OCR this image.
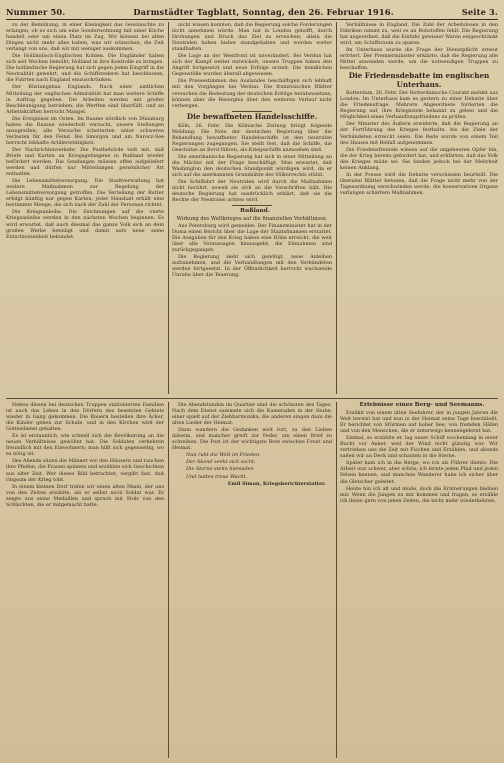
Nummer 50.	Darmstädter Tagblatt, Sonntag, den 26. Februar 1916.	Seite 3.

zu der Bemühung, in einer Kleinigkeit das Gewünschte zu erlangen, ob es sich um eine Sonderwohnung mit einer Küche handelt oder um einen Platz im Zug. Wir können bei allen Dingen nicht mehr alles haben, was wir wünschen; die Zeit verlangt von uns, daß wir mit weniger auskommen.

Die Holländisch-Englischen Kohlen. Die Engländer haben sich seit Wochen bemüht, Holland in ihre Kontrolle zu bringen. Die holländische Regierung hat sich gegen jeden Eingriff in die Neutralität gewehrt, und die Schiffsrederei hat beschlossen, die Fahrten nach England einzuschränken.

Der Rüstungsbau Englands. Nach einer amtlichen Mitteilung der englischen Admiralität hat man weitere Schiffe in Auftrag gegeben. Die Arbeiten werden mit großer Beschleunigung betrieben; die Werften sind überfüllt, und an Arbeitskräften herrscht Mangel.

Die Ereignisse im Osten. Im Raume nördlich von Dünaburg haben die Russen wiederholt versucht, unsere Stellungen anzugreifen; alle Versuche scheiterten unter schweren Verlusten für den Feind. Bei Smorgon und am Narocz-See herrscht lebhafte Artillerietätigkeit.

Der Nachrichtenverkehr. Die Postbehörde teilt mit, daß Briefe und Karten an Kriegsgefangene in Rußland wieder befördert werden. Die Sendungen müssen offen aufgeliefert werden und dürfen nur Mitteilungen persönlicher Art enthalten.

Die Lebensmittelversorgung. Die Stadtverwaltung hat weitere Maßnahmen zur Regelung der Lebensmittelversorgung getroffen. Die Verteilung der Butter erfolgt künftig nur gegen Karten; jeder Haushalt erhält eine bestimmte Menge, die sich nach der Zahl der Personen richtet.

Die Kriegsanleihe. Die Zeichnungen auf die vierte Kriegsanleihe werden in den nächsten Wochen beginnen. Es wird erwartet, daß auch diesmal das ganze Volk sich an dem großen Werke beteiligt und damit aufs neue seine Entschlossenheit bekundet.

nicht wissen konnten, daß die Regierung solche Forderungen nicht annehmen würde. Man hat in London gehofft, durch Drohungen und Druck das Ziel zu erreichen; allein die Neutralen haben bisher standgehalten und werden weiter standhalten.

Die Lage an der Westfront ist unverändert. Bei Verdun hat sich der Kampf weiter entwickelt; unsere Truppen haben den Angriff fortgesetzt und neue Erfolge erzielt. Die feindlichen Gegenstöße wurden überall abgewiesen.

Die Pressestimmen des Auslandes beschäftigen sich lebhaft mit den Vorgängen bei Verdun. Die französischen Blätter versuchen die Bedeutung der deutschen Erfolge herabzusetzen, können aber die Besorgnis über den weiteren Verlauf nicht verbergen.

Die bewaffneten Handelsschiffe.

Köln, 26. Febr. Die Kölnische Zeitung bringt folgende Meldung: Die Note der deutschen Regierung über die Behandlung bewaffneter Handelsschiffe ist den neutralen Regierungen zugegangen. Sie stellt fest, daß die Schiffe, die Geschütze an Bord führen, als Kriegsschiffe anzusehen sind.

Die amerikanische Regierung hat sich in einer Mitteilung an die Mächte mit der Frage beschäftigt. Man erwartet, daß Washington den deutschen Standpunkt würdigen wird, da er sich auf die anerkannten Grundsätze des Völkerrechts stützt.

Die Schiffahrt der Neutralen wird durch die Maßnahmen nicht berührt, soweit sie sich an die Vorschriften hält. Die deutsche Regierung hat ausdrücklich erklärt, daß sie die Rechte der Neutralen achten wird.

Rußland.

Wirkung des Weltkrieges auf die finanziellen Verhältnisse.

Aus Petersburg wird gemeldet: Der Finanzminister hat in der Duma einen Bericht über die Lage der Staatsfinanzen erstattet. Die Ausgaben für den Krieg haben eine Höhe erreicht, die weit über alle Voraussagen hinausgeht; die Einnahmen sind zurückgegangen.

Die Regierung sieht sich genötigt, neue Anleihen aufzunehmen, und die Verhandlungen mit den Verbündeten werden fortgesetzt. In der Öffentlichkeit herrscht wachsende Unruhe über die Teuerung.

Verhältnisse in England. Die Zahl der Arbeitslosen in den Fabriken nimmt zu, weil es an Rohstoffen fehlt. Die Regierung hat angeordnet, daß die Einfuhr gewisser Waren eingeschränkt wird, um Schiffsraum zu sparen.

Im Unterhaus wurde die Frage der Dienstpflicht erneut erörtert. Der Premierminister erklärte, daß die Regierung alle Mittel anwenden werde, um die notwendigen Truppen zu beschaffen.

Die Friedensdebatte im englischen Unterhaus.

Rotterdam, 26. Febr. Der Rotterdamsche Courant meldet aus London: Im Unterhaus kam es gestern zu einer Debatte über die Friedensfrage. Mehrere Abgeordnete forderten die Regierung auf, ihre Kriegsziele bekannt zu geben und die Möglichkeit eines Verhandlungsfriedens zu prüfen.

Der Minister des Äußern erwiderte, daß die Regierung an der Fortführung des Krieges festhalte, bis die Ziele der Verbündeten erreicht seien. Die Rede wurde von einem Teil des Hauses mit Beifall aufgenommen.

Die Friedensfreunde wiesen auf die ungeheuren Opfer hin, die der Krieg bereits gefordert hat, und erklärten, daß das Volk des Krieges müde sei. Sie fanden jedoch bei der Mehrheit keinen Anklang.

In der Presse wird die Debatte verschieden beurteilt. Die liberalen Blätter betonen, daß die Frage nicht mehr von der Tagesordnung verschwinden werde; die konservativen Organe verlangen schärfere Maßnahmen.

Neben diesen bei deutschen Truppen stationierten Familien ist auch das Leben in den Dörfern des besetzten Gebiets wieder in Gang gekommen. Die Bauern bestellen ihre Äcker, die Kinder gehen zur Schule, und in den Kirchen wird der Gottesdienst gehalten.

Es ist erstaunlich, wie schnell sich die Bevölkerung an die neuen Verhältnisse gewöhnt hat. Die Soldaten verkehren freundlich mit den Einwohnern; man hilft sich gegenseitig, wo es nötig ist.

Des Abends sitzen die Männer vor den Häusern und rauchen ihre Pfeifen; die Frauen spinnen und erzählen sich Geschichten aus alter Zeit. Wer dieses Bild betrachtet, vergißt fast, daß ringsum der Krieg tobt.

In einem kleinen Dorf trafen wir einen alten Mann, der uns von den Zeiten erzählte, als er selbst noch Soldat war. Er zeigte uns seine Medaillen und sprach mit Stolz von den Schlachten, die er mitgemacht hatte.

Die Abendstunden im Quartier sind die schönsten des Tages. Nach dem Dienst sammeln sich die Kameraden in der Stube; einer spielt auf der Ziehharmonika, die anderen singen dazu die alten Lieder der Heimat.

Dann wandern die Gedanken weit fort, zu den Lieben daheim, und mancher greift zur Feder, um einen Brief zu schreiben. Die Post ist der wichtigste Bote zwischen Front und Heimat.

Nun ruht die Welt im Frieden,

Der Abend senkt sich sacht;

Die Sterne stehn hienieden

Und halten treue Wacht.

Emil Simon, Kriegsberichterstatter.

Erlebnisse eines Berg- und Seemanns.

Erzählt von einem alten Seefahrer, der in jungen Jahren die Welt bereist hat und nun in der Heimat seine Tage beschließt. Er berichtet von Stürmen auf hoher See, von fremden Häfen und von den Menschen, die er unterwegs kennengelernt hat.

Einmal, so erzählte er, lag unser Schiff wochenlang in einer Bucht vor Anker, weil der Wind nicht günstig war. Wir vertrieben uns die Zeit mit Fischen und Erzählen, und abends saßen wir an Deck und schauten in die Sterne.

Später kam ich in die Berge, wo ich als Führer diente. Die Arbeit war schwer, aber schön; ich lernte jeden Pfad und jeden Felsen kennen, und manchen Wanderer habe ich sicher über die Gletscher geleitet.

Heute bin ich alt und müde, doch die Erinnerungen bleiben mir. Wenn die Jungen zu mir kommen und fragen, so erzähle ich ihnen gern von jenen Zeiten, die nicht mehr wiederkehren.
